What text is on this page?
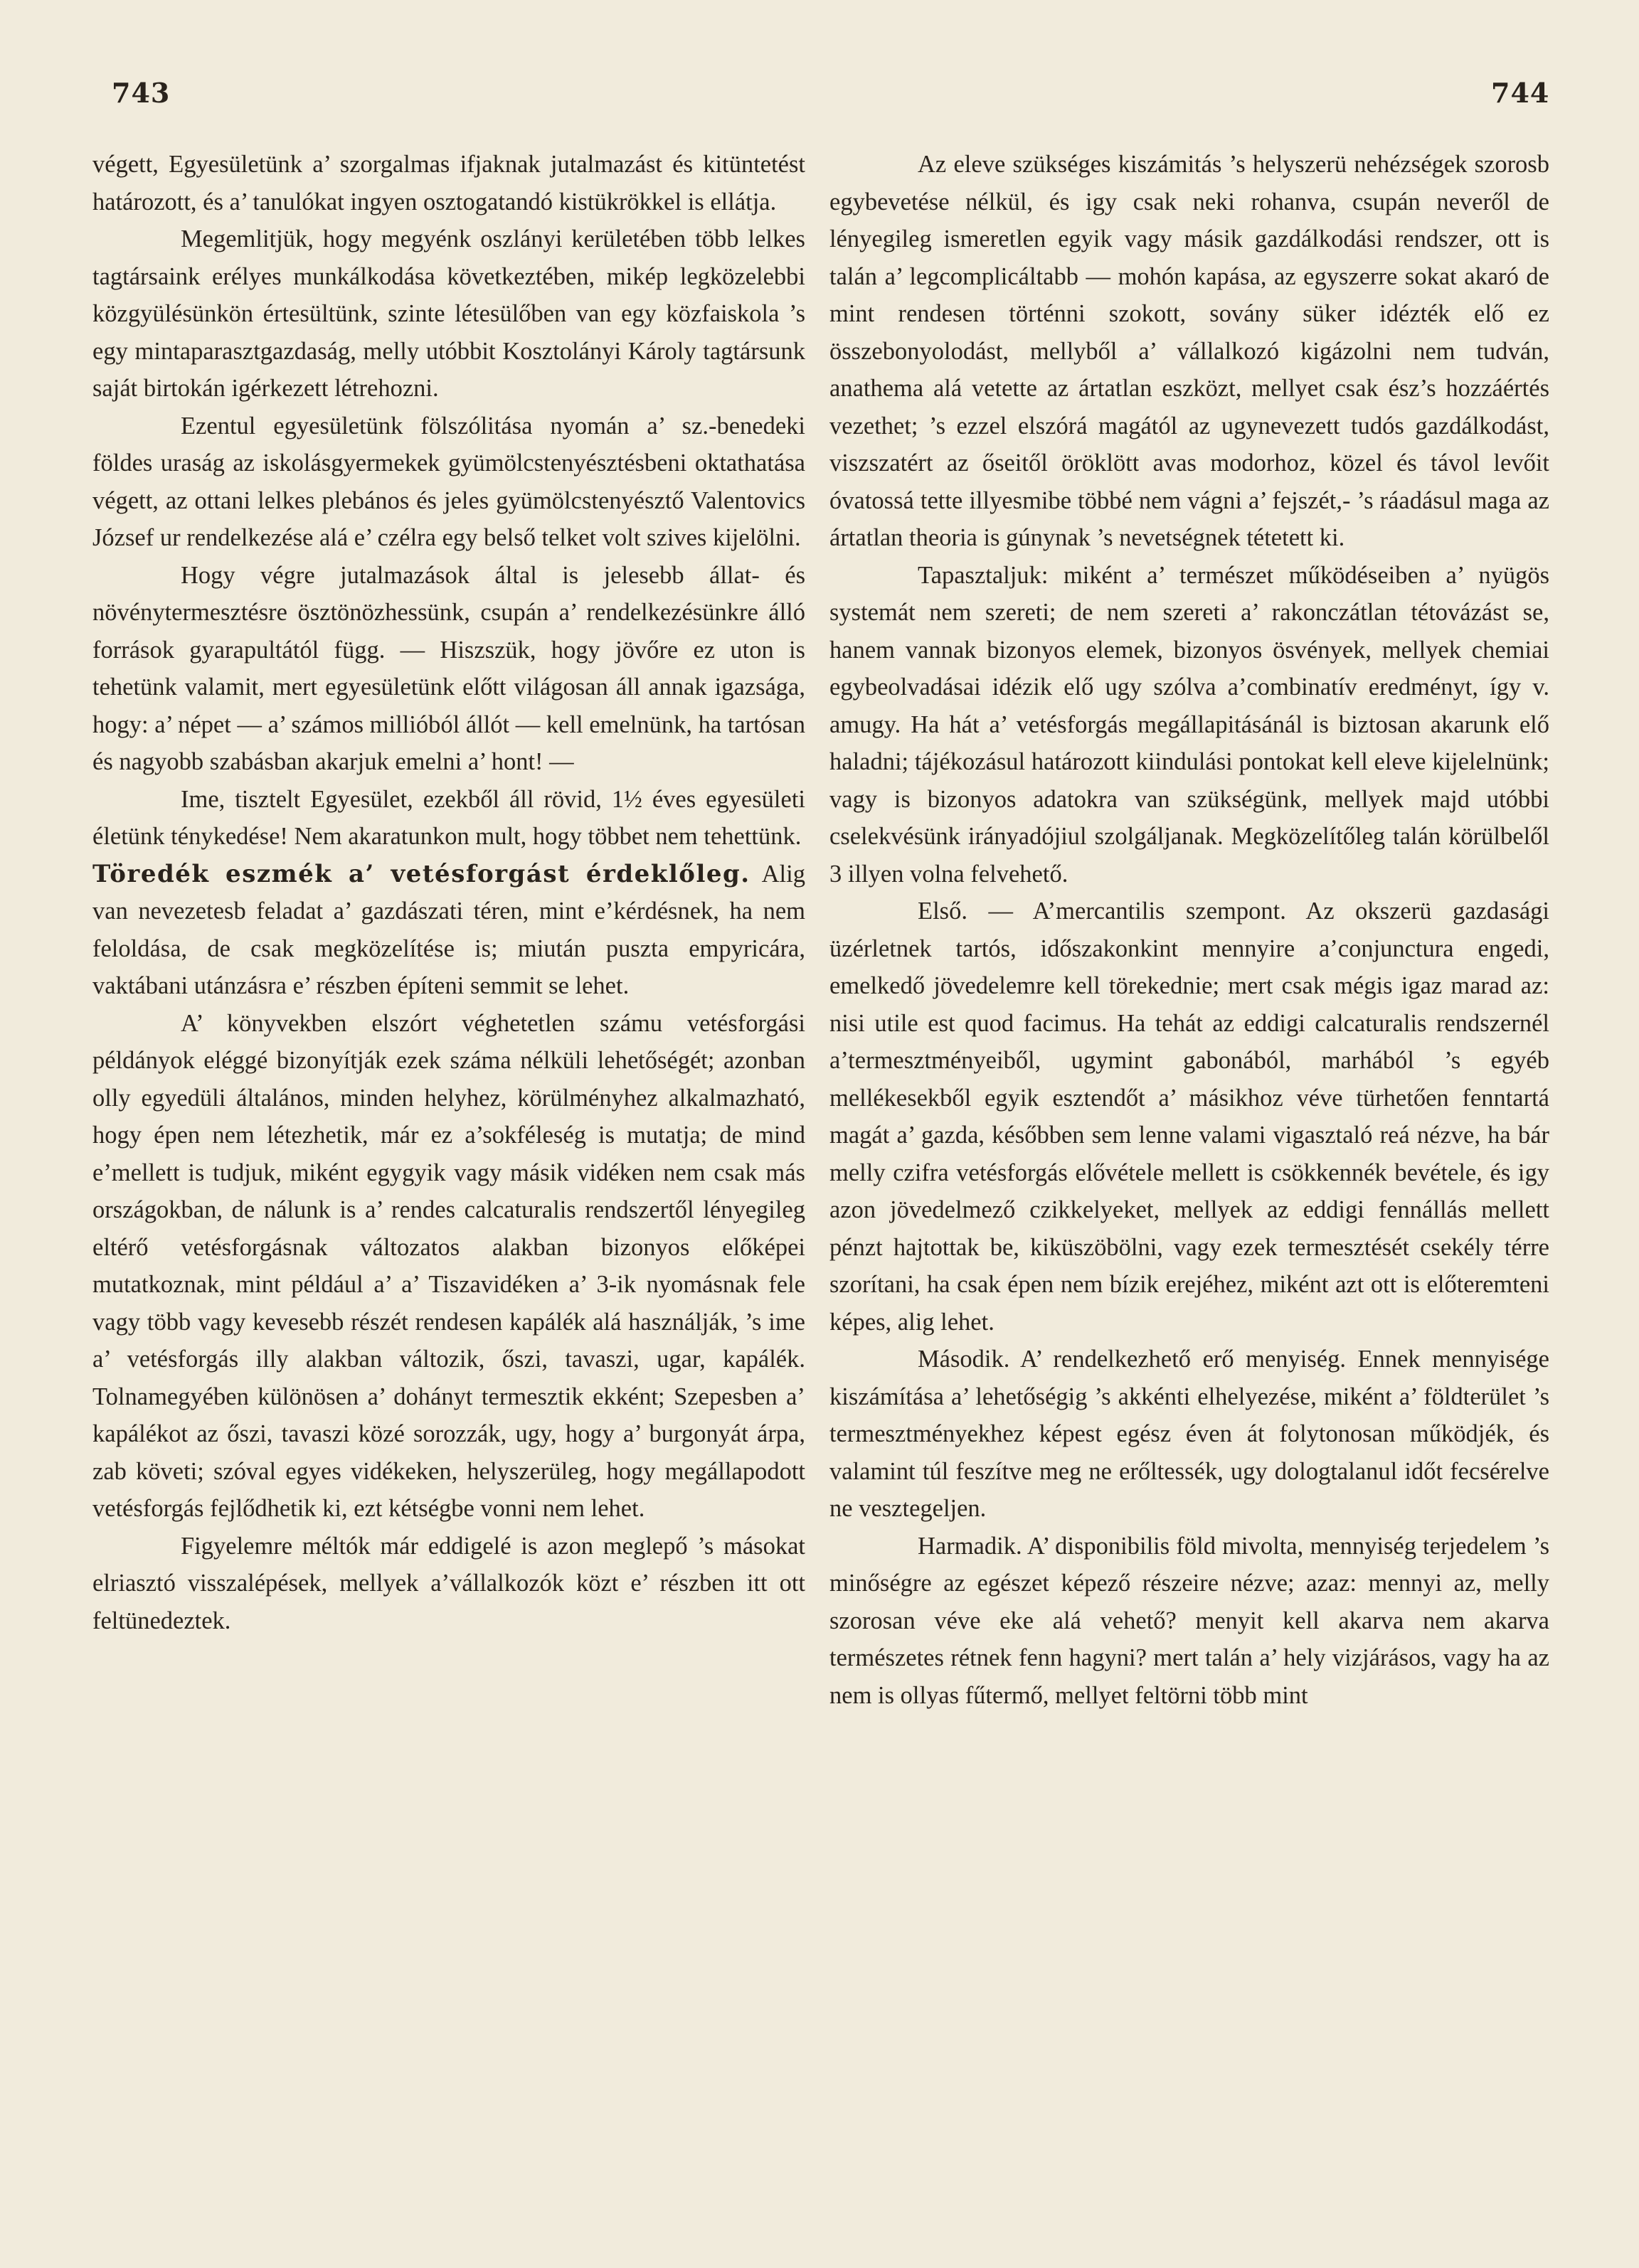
743	744

végett, Egyesületünk a’ szorgalmas ifjaknak jutalmazást és kitüntetést határozott, és a’ tanulókat ingyen osztogatandó kistükrökkel is ellátja.

Megemlitjük, hogy megyénk oszlányi kerületében több lelkes tagtársaink erélyes munkálkodása következtében, mikép legközelebbi közgyülésünkön értesültünk, szinte létesülőben van egy közfaiskola ’s egy mintaparasztgazdaság, melly utóbbit Kosztolányi Károly tagtársunk saját birtokán igérkezett létrehozni.

Ezentul egyesületünk fölszólitása nyomán a’ sz.-benedeki földes uraság az iskolásgyermekek gyümölcstenyésztésbeni oktathatása végett, az ottani lelkes plebános és jeles gyümölcstenyésztő Valentovics József ur rendelkezése alá e’ czélra egy belső telket volt szives kijelölni.

Hogy végre jutalmazások által is jelesebb állat- és növénytermesztésre ösztönözhessünk, csupán a’ rendelkezésünkre álló források gyarapultától függ. — Hiszszük, hogy jövőre ez uton is tehetünk valamit, mert egyesületünk előtt világosan áll annak igazsága, hogy: a’ népet — a’ számos millióból állót — kell emelnünk, ha tartósan és nagyobb szabásban akarjuk emelni a’ hont! —

Ime, tisztelt Egyesület, ezekből áll rövid, 1½ éves egyesületi életünk ténykedése! Nem akaratunkon mult, hogy többet nem tehettünk.

Töredék eszmék a’ vetésforgást érdeklőleg. Alig van nevezetesb feladat a’ gazdászati téren, mint e’kérdésnek, ha nem feloldása, de csak megközelítése is; miután puszta empyricára, vaktábani utánzásra e’ részben építeni semmit se lehet.

A’ könyvekben elszórt véghetetlen számu vetésforgási példányok eléggé bizonyítják ezek száma nélküli lehetőségét; azonban olly egyedüli általános, minden helyhez, körülményhez alkalmazható, hogy épen nem létezhetik, már ez a’sokféleség is mutatja; de mind e’mellett is tudjuk, miként egygyik vagy másik vidéken nem csak más országokban, de nálunk is a’ rendes calcaturalis rendszertől lényegileg eltérő vetésforgásnak változatos alakban bizonyos előképei mutatkoznak, mint például a’ a’ Tiszavidéken a’ 3-ik nyomásnak fele vagy több vagy kevesebb részét rendesen kapálék alá használják, ’s ime a’ vetésforgás illy alakban változik, őszi, tavaszi, ugar, kapálék. Tolnamegyében különösen a’ dohányt termesztik ekként; Szepesben a’ kapálékot az őszi, tavaszi közé sorozzák, ugy, hogy a’ burgonyát árpa, zab követi; szóval egyes vidékeken, helyszerüleg, hogy megállapodott vetésforgás fejlődhetik ki, ezt kétségbe vonni nem lehet.

Figyelemre méltók már eddigelé is azon meglepő ’s másokat elriasztó visszalépések, mellyek a’vállalkozók közt e’ részben itt ott feltünedeztek.

Az eleve szükséges kiszámitás ’s helyszerü nehézségek szorosb egybevetése nélkül, és igy csak neki rohanva, csupán neveről de lényegileg ismeretlen egyik vagy másik gazdálkodási rendszer, ott is talán a’ legcomplicáltabb — mohón kapása, az egyszerre sokat akaró de mint rendesen történni szokott, sovány süker idézték elő ez összebonyolodást, mellyből a’ vállalkozó kigázolni nem tudván, anathema alá vetette az ártatlan eszközt, mellyet csak ész’s hozzáértés vezethet; ’s ezzel elszórá magától az ugynevezett tudós gazdálkodást, viszszatért az őseitől öröklött avas modorhoz, közel és távol levőit óvatossá tette illyesmibe többé nem vágni a’ fejszét,- ’s ráadásul maga az ártatlan theoria is gúnynak ’s nevetségnek tétetett ki.

Tapasztaljuk: miként a’ természet működéseiben a’ nyügös systemát nem szereti; de nem szereti a’ rakonczátlan tétovázást se, hanem vannak bizonyos elemek, bizonyos ösvények, mellyek chemiai egybeolvadásai idézik elő ugy szólva a’combinatív eredményt, így v. amugy. Ha hát a’ vetésforgás megállapitásánál is biztosan akarunk elő haladni; tájékozásul határozott kiindulási pontokat kell eleve kijelelnünk; vagy is bizonyos adatokra van szükségünk, mellyek majd utóbbi cselekvésünk irányadójiul szolgáljanak. Megközelítőleg talán körülbelől 3 illyen volna felvehető.

Első. — A’mercantilis szempont. Az okszerü gazdasági üzérletnek tartós, időszakonkint mennyire a’conjunctura engedi, emelkedő jövedelemre kell törekednie; mert csak mégis igaz marad az: nisi utile est quod facimus. Ha tehát az eddigi calcaturalis rendszernél a’termesztményeiből, ugymint gabonából, marhából ’s egyéb mellékesekből egyik esztendőt a’ másikhoz véve türhetően fenntartá magát a’ gazda, későbben sem lenne valami vigasztaló reá nézve, ha bár melly czifra vetésforgás elővétele mellett is csökkennék bevétele, és igy azon jövedelmező czikkelyeket, mellyek az eddigi fennállás mellett pénzt hajtottak be, kiküszöbölni, vagy ezek termesztését csekély térre szorítani, ha csak épen nem bízik erejéhez, miként azt ott is előteremteni képes, alig lehet.

Második. A’ rendelkezhető erő menyiség. Ennek mennyisége kiszámítása a’ lehetőségig ’s akkénti elhelyezése, miként a’ földterület ’s termesztményekhez képest egész éven át folytonosan működjék, és valamint túl feszítve meg ne erőltessék, ugy dologtalanul időt fecsérelve ne vesztegeljen.

Harmadik. A’ disponibilis föld mivolta, mennyiség terjedelem ’s minőségre az egészet képező részeire nézve; azaz: mennyi az, melly szorosan véve eke alá vehető? menyit kell akarva nem akarva természetes rétnek fenn hagyni? mert talán a’ hely vizjárásos, vagy ha az nem is ollyas fűtermő, mellyet feltörni több mint
